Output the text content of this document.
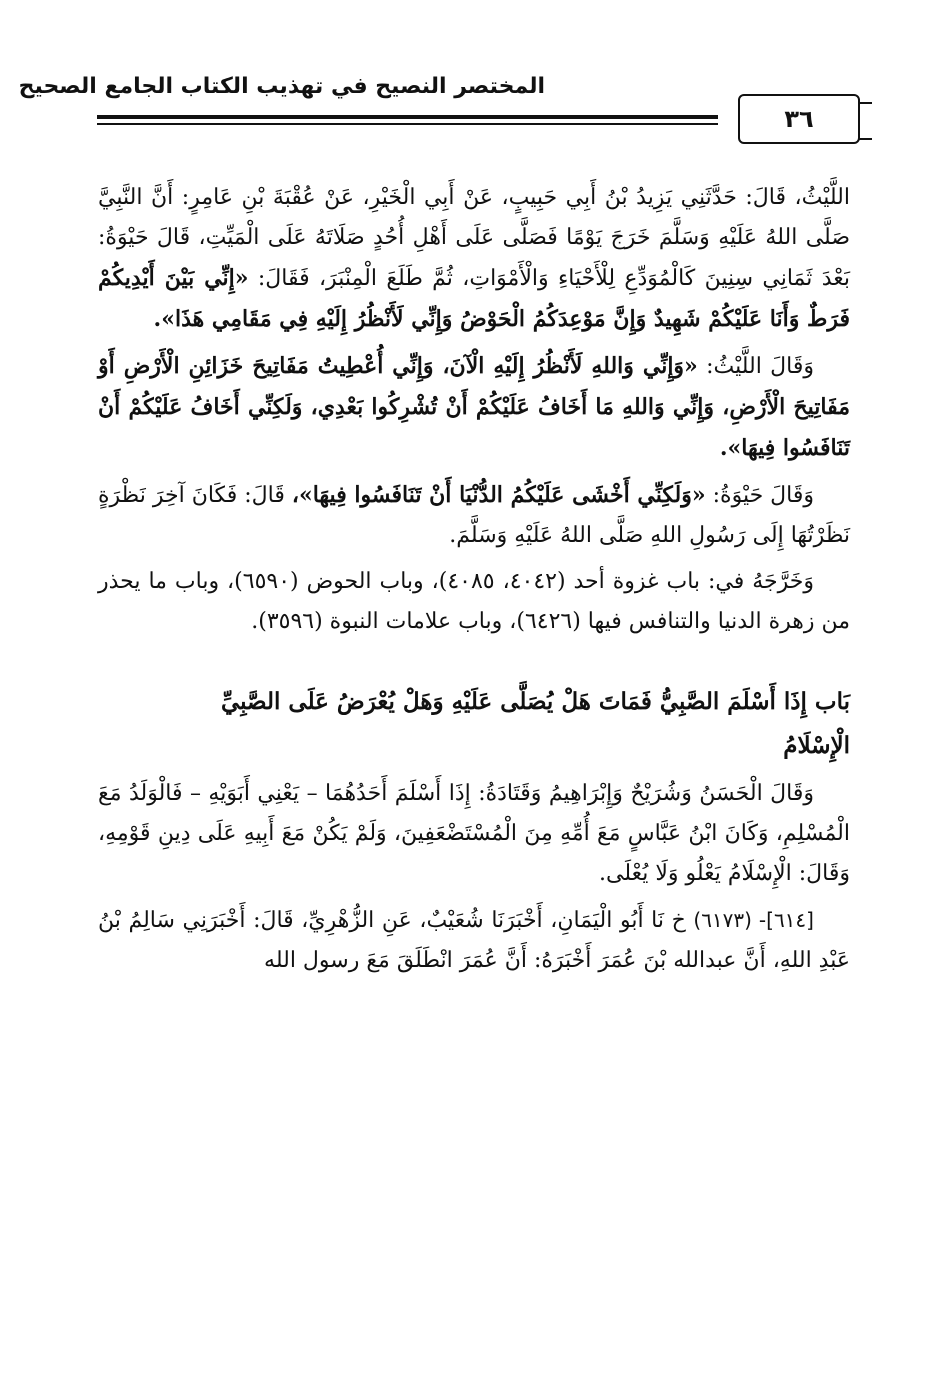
المختصر النصيح في تهذيب الكتاب الجامع الصحيح
٣٦

اللَّيْثُ، قَالَ: حَدَّثَنِي يَزِيدُ بْنُ أَبِي حَبِيبٍ، عَنْ أَبِي الْخَيْرِ، عَنْ عُقْبَةَ بْنِ عَامِرٍ: أَنَّ النَّبِيَّ صَلَّى اللهُ عَلَيْهِ وَسَلَّمَ خَرَجَ يَوْمًا فَصَلَّى عَلَى أَهْلِ أُحُدٍ صَلَاتَهُ عَلَى الْمَيِّتِ، قَالَ حَيْوَةُ: بَعْدَ ثَمَانِي سِنِينَ كَالْمُوَدِّعِ لِلْأَحْيَاءِ وَالْأَمْوَاتِ، ثُمَّ طَلَعَ الْمِنْبَرَ، فَقَالَ: «إِنِّي بَيْنَ أَيْدِيكُمْ فَرَطٌ وَأَنَا عَلَيْكُمْ شَهِيدٌ وَإِنَّ مَوْعِدَكُمُ الْحَوْضُ وَإِنِّي لَأَنْظُرُ إِلَيْهِ فِي مَقَامِي هَذَا».

وَقَالَ اللَّيْثُ: «وَإِنِّي وَاللهِ لَأَنْظُرُ إِلَيْهِ الْآنَ، وَإِنِّي أُعْطِيتُ مَفَاتِيحَ خَزَائِنِ الْأَرْضِ أَوْ مَفَاتِيحَ الْأَرْضِ، وَإِنِّي وَاللهِ مَا أَخَافُ عَلَيْكُمْ أَنْ تُشْرِكُوا بَعْدِي، وَلَكِنِّي أَخَافُ عَلَيْكُمْ أَنْ تَنَافَسُوا فِيهَا».

وَقَالَ حَيْوَةُ: «وَلَكِنِّي أَخْشَى عَلَيْكُمُ الدُّنْيَا أَنْ تَنَافَسُوا فِيهَا»، قَالَ: فَكَانَ آخِرَ نَظْرَةٍ نَظَرْتُهَا إِلَى رَسُولِ اللهِ صَلَّى اللهُ عَلَيْهِ وَسَلَّمَ.

وَخَرَّجَهُ في: باب غزوة أحد (٤٠٤٢، ٤٠٨٥)، وباب الحوض (٦٥٩٠)، وباب ما يحذر من زهرة الدنيا والتنافس فيها (٦٤٢٦)، وباب علامات النبوة (٣٥٩٦).

بَاب إِذَا أَسْلَمَ الصَّبِيُّ فَمَاتَ هَلْ يُصَلَّى عَلَيْهِ وَهَلْ يُعْرَضُ عَلَى الصَّبِيِّ

الْإِسْلَامُ

وَقَالَ الْحَسَنُ وَشُرَيْحٌ وَإِبْرَاهِيمُ وَقَتَادَةُ: إِذَا أَسْلَمَ أَحَدُهُمَا – يَعْنِي أَبَوَيْهِ – فَالْوَلَدُ مَعَ الْمُسْلِمِ، وَكَانَ ابْنُ عَبَّاسٍ مَعَ أُمِّهِ مِنَ الْمُسْتَضْعَفِينَ، وَلَمْ يَكُنْ مَعَ أَبِيهِ عَلَى دِينِ قَوْمِهِ، وَقَالَ: الْإِسْلَامُ يَعْلُو وَلَا يُعْلَى.

[٦١٤]- (٦١٧٣) خ نَا أَبُو الْيَمَانِ، أَخْبَرَنَا شُعَيْبٌ، عَنِ الزُّهْرِيِّ، قَالَ: أَخْبَرَنِي سَالِمُ بْنُ عَبْدِ اللهِ، أَنَّ عبدالله بْنَ عُمَرَ أَخْبَرَهُ: أَنَّ عُمَرَ انْطَلَقَ مَعَ رسول الله
